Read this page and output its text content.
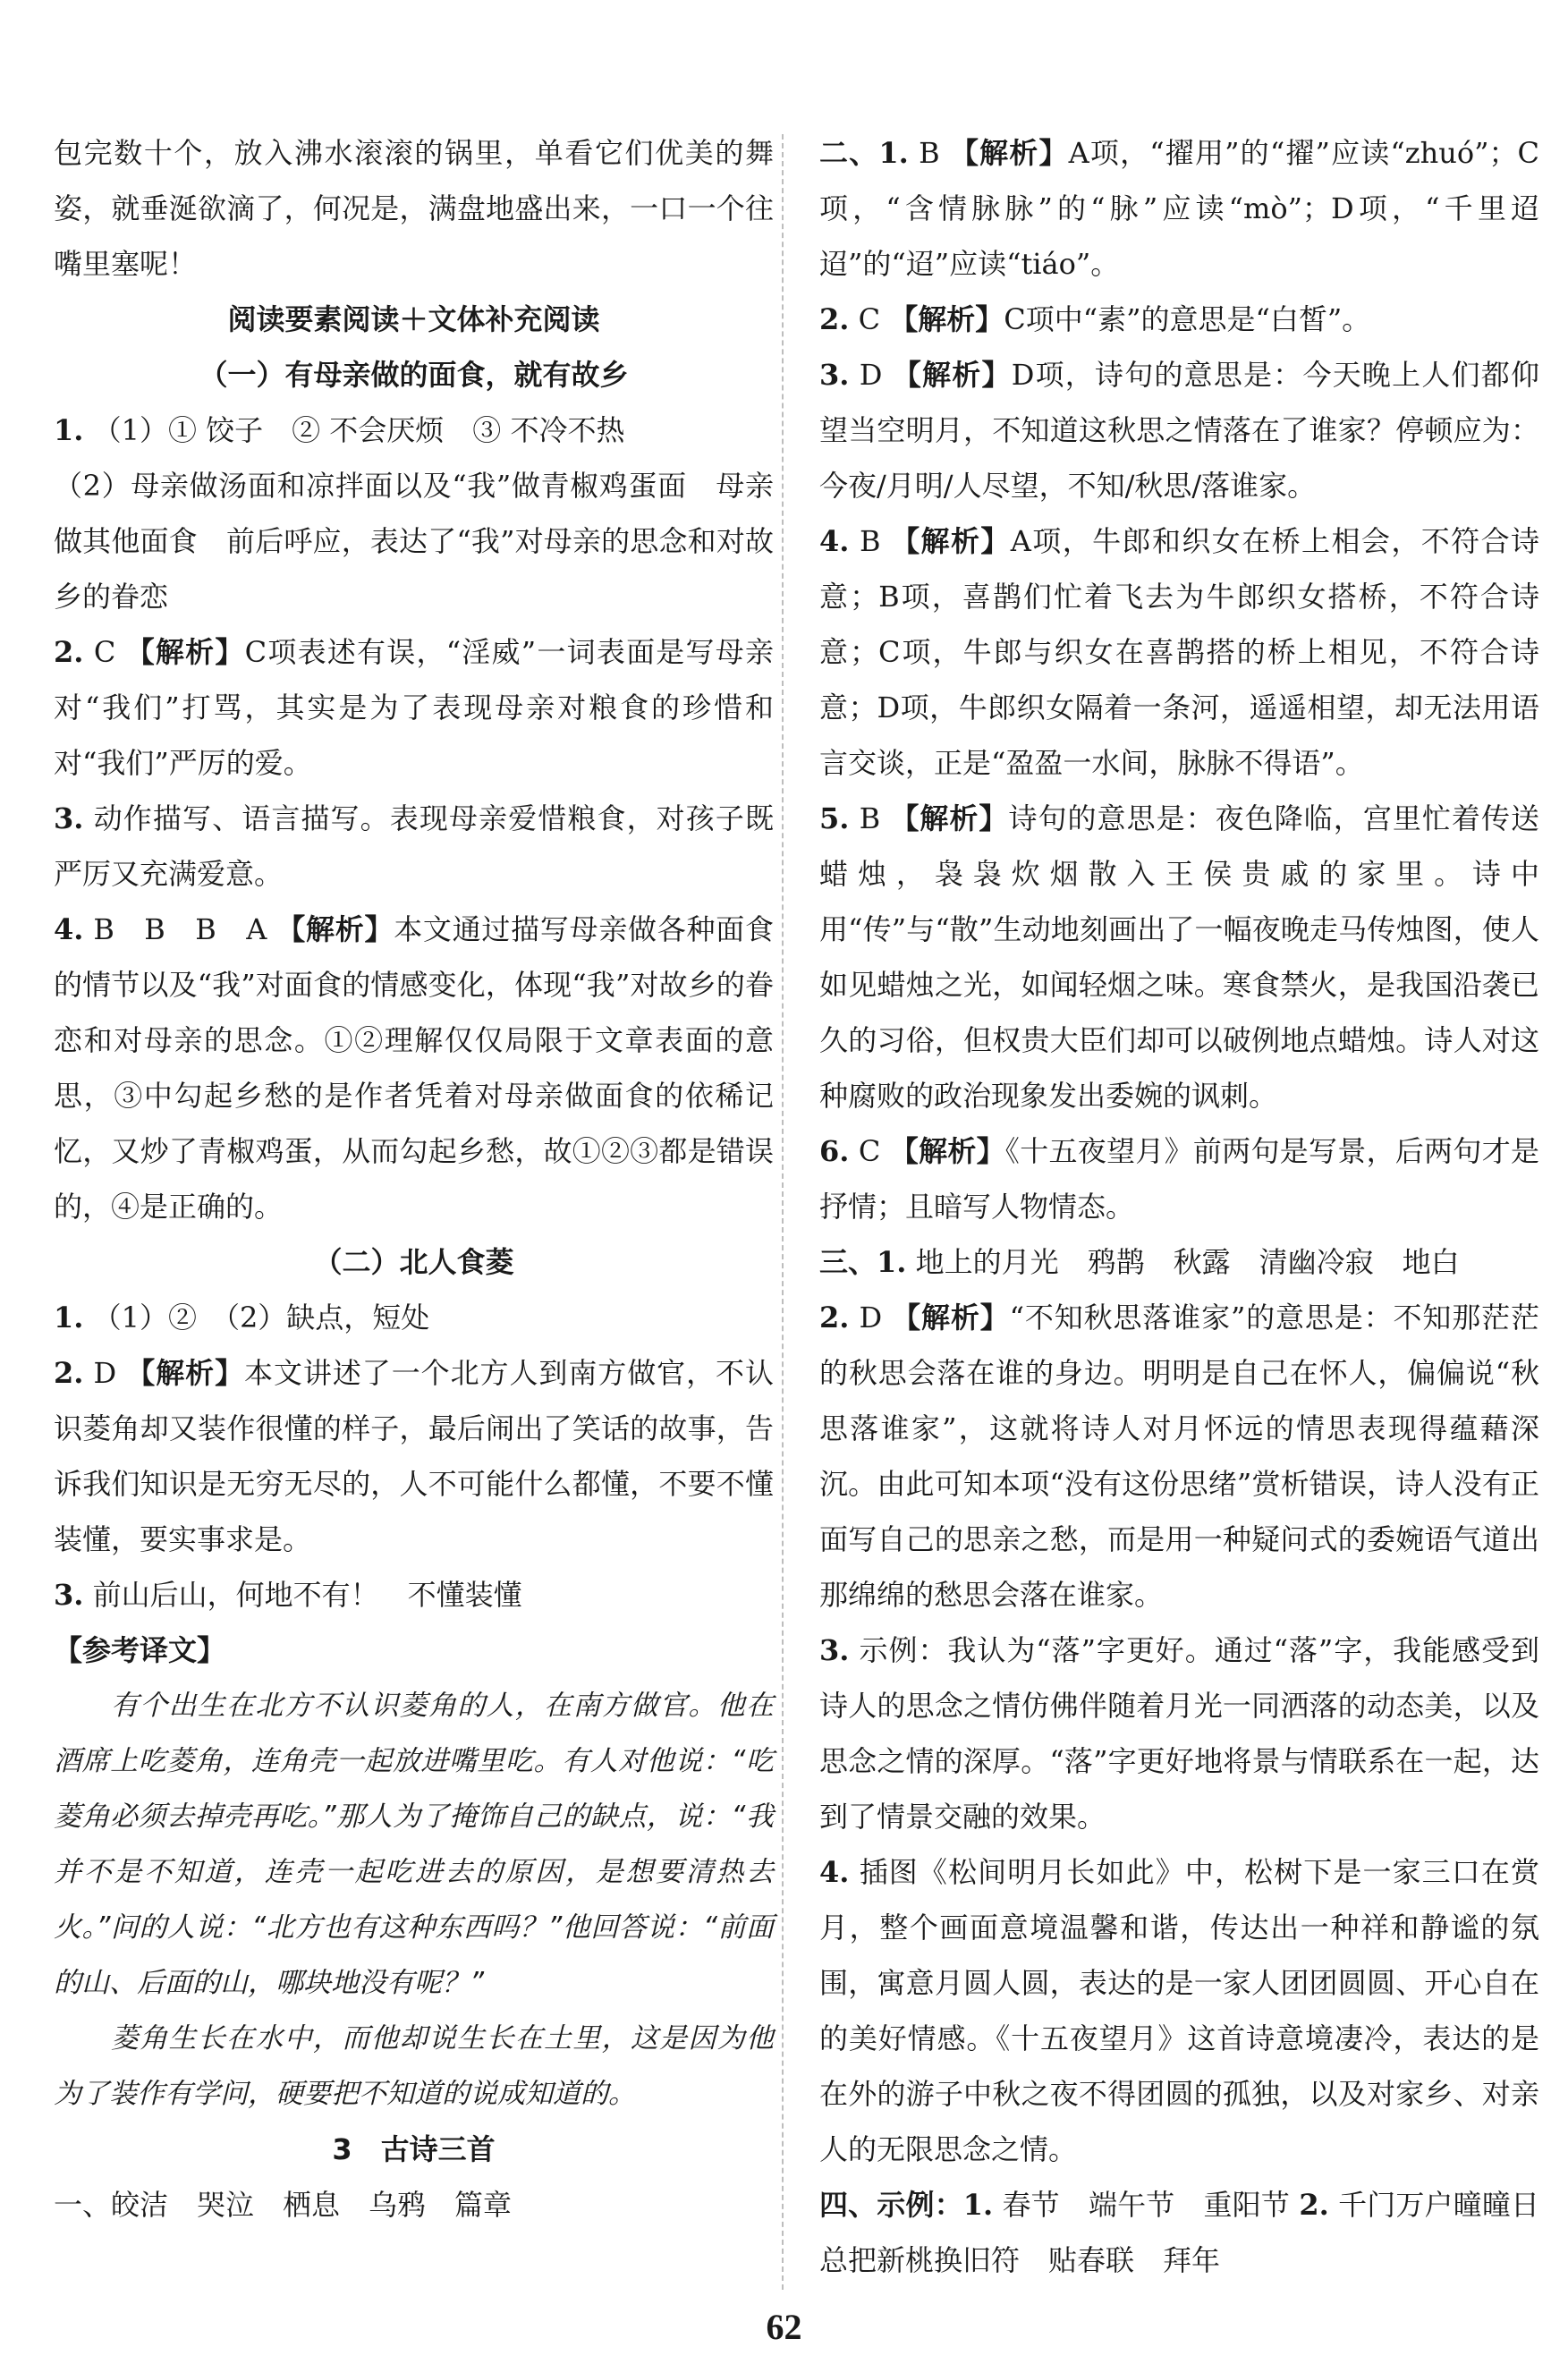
包完数十个，放入沸水滚滚的锅里，单看它们优美的舞姿，就垂涎欲滴了，何况是，满盘地盛出来，一口一个往嘴里塞呢！
阅读要素阅读＋文体补充阅读
（一）有母亲做的面食，就有故乡
1. （1）① 饺子　② 不会厌烦　③ 不冷不热
（2）母亲做汤面和凉拌面以及“我”做青椒鸡蛋面　母亲做其他面食　前后呼应，表达了“我”对母亲的思念和对故乡的眷恋
2. C 【解析】C项表述有误，“淫威”一词表面是写母亲对“我们”打骂，其实是为了表现母亲对粮食的珍惜和对“我们”严厉的爱。
3. 动作描写、语言描写。表现母亲爱惜粮食，对孩子既严厉又充满爱意。
4. B　B　B　A 【解析】本文通过描写母亲做各种面食的情节以及“我”对面食的情感变化，体现“我”对故乡的眷恋和对母亲的思念。①②理解仅仅局限于文章表面的意思，③中勾起乡愁的是作者凭着对母亲做面食的依稀记忆，又炒了青椒鸡蛋，从而勾起乡愁，故①②③都是错误的，④是正确的。
（二）北人食菱
1. （1）②　（2）缺点，短处
2. D 【解析】本文讲述了一个北方人到南方做官，不认识菱角却又装作很懂的样子，最后闹出了笑话的故事，告诉我们知识是无穷无尽的，人不可能什么都懂，不要不懂装懂，要实事求是。
3. 前山后山，何地不有！　不懂装懂
【参考译文】
有个出生在北方不认识菱角的人，在南方做官。他在酒席上吃菱角，连角壳一起放进嘴里吃。有人对他说：“吃菱角必须去掉壳再吃。”那人为了掩饰自己的缺点，说：“我并不是不知道，连壳一起吃进去的原因，是想要清热去火。”问的人说：“北方也有这种东西吗？”他回答说：“前面的山、后面的山，哪块地没有呢？”
菱角生长在水中，而他却说生长在土里，这是因为他为了装作有学问，硬要把不知道的说成知道的。
3　古诗三首
一、皎洁　哭泣　栖息　乌鸦　篇章
二、1. B 【解析】A项，“擢用”的“擢”应读“zhuó”；C项，“含情脉脉”的“脉”应读“mò”；D项，“千里迢迢”的“迢”应读“tiáo”。
2. C 【解析】C项中“素”的意思是“白皙”。
3. D 【解析】D项，诗句的意思是：今天晚上人们都仰望当空明月，不知道这秋思之情落在了谁家？停顿应为：今夜/月明/人尽望，不知/秋思/落谁家。
4. B 【解析】A项，牛郎和织女在桥上相会，不符合诗意；B项，喜鹊们忙着飞去为牛郎织女搭桥，不符合诗意；C项，牛郎与织女在喜鹊搭的桥上相见，不符合诗意；D项，牛郎织女隔着一条河，遥遥相望，却无法用语言交谈，正是“盈盈一水间，脉脉不得语”。
5. B 【解析】诗句的意思是：夜色降临，宫里忙着传送蜡烛，袅袅炊烟散入王侯贵戚的家里。诗中用“传”与“散”生动地刻画出了一幅夜晚走马传烛图，使人如见蜡烛之光，如闻轻烟之味。寒食禁火，是我国沿袭已久的习俗，但权贵大臣们却可以破例地点蜡烛。诗人对这种腐败的政治现象发出委婉的讽刺。
6. C 【解析】《十五夜望月》前两句是写景，后两句才是抒情；且暗写人物情态。
三、1. 地上的月光　鸦鹊　秋露　清幽冷寂　地白
2. D 【解析】“不知秋思落谁家”的意思是：不知那茫茫的秋思会落在谁的身边。明明是自己在怀人，偏偏说“秋思落谁家”，这就将诗人对月怀远的情思表现得蕴藉深沉。由此可知本项“没有这份思绪”赏析错误，诗人没有正面写自己的思亲之愁，而是用一种疑问式的委婉语气道出那绵绵的愁思会落在谁家。
3. 示例：我认为“落”字更好。通过“落”字，我能感受到诗人的思念之情仿佛伴随着月光一同洒落的动态美，以及思念之情的深厚。“落”字更好地将景与情联系在一起，达到了情景交融的效果。
4. 插图《松间明月长如此》中，松树下是一家三口在赏月，整个画面意境温馨和谐，传达出一种祥和静谧的氛围，寓意月圆人圆，表达的是一家人团团圆圆、开心自在的美好情感。《十五夜望月》这首诗意境凄冷，表达的是在外的游子中秋之夜不得团圆的孤独，以及对家乡、对亲人的无限思念之情。
四、示例：1. 春节　端午节　重阳节 2. 千门万户曈曈日　总把新桃换旧符　贴春联　拜年
62
